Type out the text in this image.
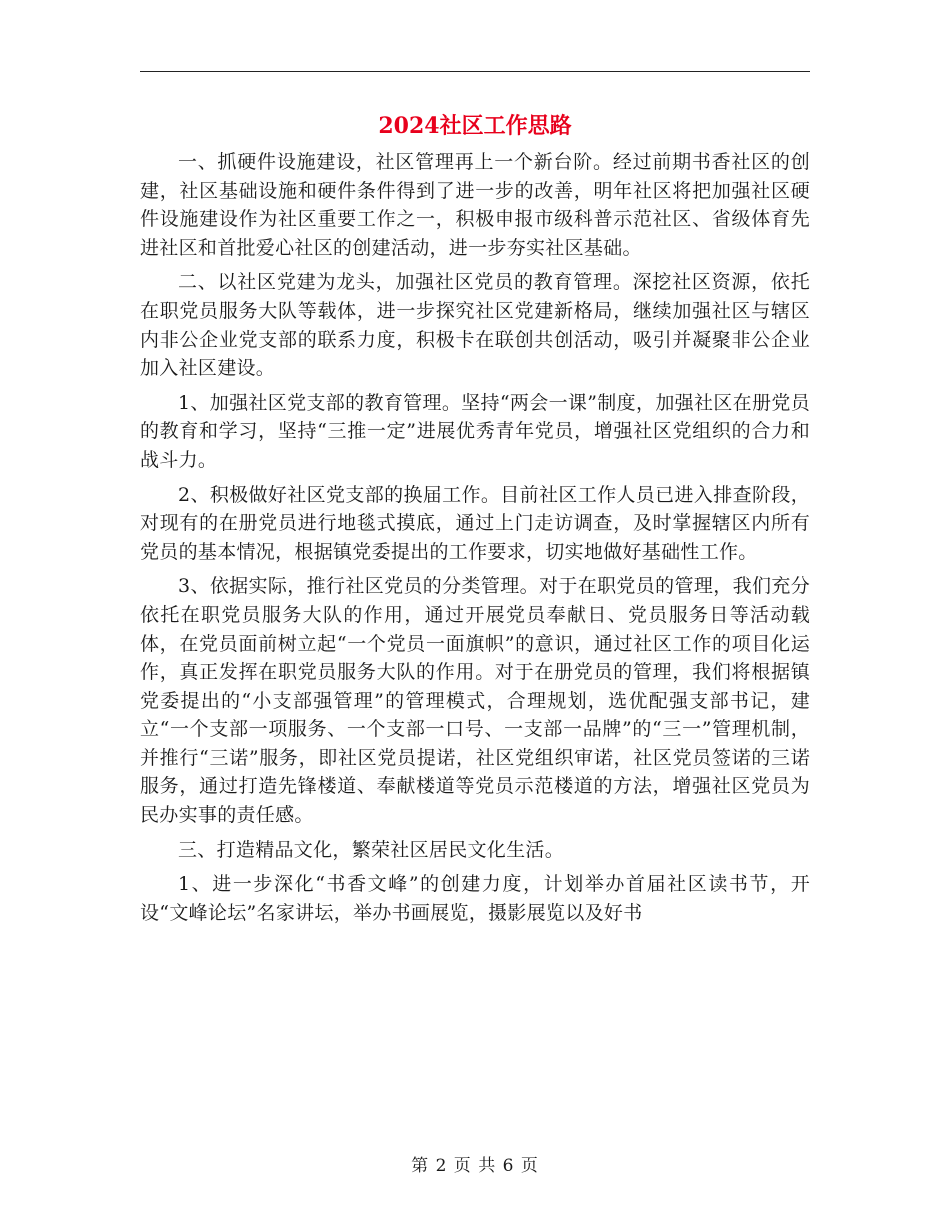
2024社区工作思路

一、抓硬件设施建设，社区管理再上一个新台阶。经过前期书香社区的创建，社区基础设施和硬件条件得到了进一步的改善，明年社区将把加强社区硬件设施建设作为社区重要工作之一，积极申报市级科普示范社区、省级体育先进社区和首批爱心社区的创建活动，进一步夯实社区基础。

二、以社区党建为龙头，加强社区党员的教育管理。深挖社区资源，依托在职党员服务大队等载体，进一步探究社区党建新格局，继续加强社区与辖区内非公企业党支部的联系力度，积极卡在联创共创活动，吸引并凝聚非公企业加入社区建设。

1、加强社区党支部的教育管理。坚持“两会一课”制度，加强社区在册党员的教育和学习，坚持“三推一定”进展优秀青年党员，增强社区党组织的合力和战斗力。

2、积极做好社区党支部的换届工作。目前社区工作人员已进入排查阶段，对现有的在册党员进行地毯式摸底，通过上门走访调查，及时掌握辖区内所有党员的基本情况，根据镇党委提出的工作要求，切实地做好基础性工作。

3、依据实际，推行社区党员的分类管理。对于在职党员的管理，我们充分依托在职党员服务大队的作用，通过开展党员奉献日、党员服务日等活动载体，在党员面前树立起“一个党员一面旗帜”的意识，通过社区工作的项目化运作，真正发挥在职党员服务大队的作用。对于在册党员的管理，我们将根据镇党委提出的“小支部强管理”的管理模式，合理规划，选优配强支部书记，建立“一个支部一项服务、一个支部一口号、一支部一品牌”的“三一”管理机制，并推行“三诺”服务，即社区党员提诺，社区党组织审诺，社区党员签诺的三诺服务，通过打造先锋楼道、奉献楼道等党员示范楼道的方法，增强社区党员为民办实事的责任感。

三、打造精品文化，繁荣社区居民文化生活。

1、进一步深化“书香文峰”的创建力度，计划举办首届社区读书节，开设“文峰论坛”名家讲坛，举办书画展览，摄影展览以及好书

第 2 页 共 6 页
